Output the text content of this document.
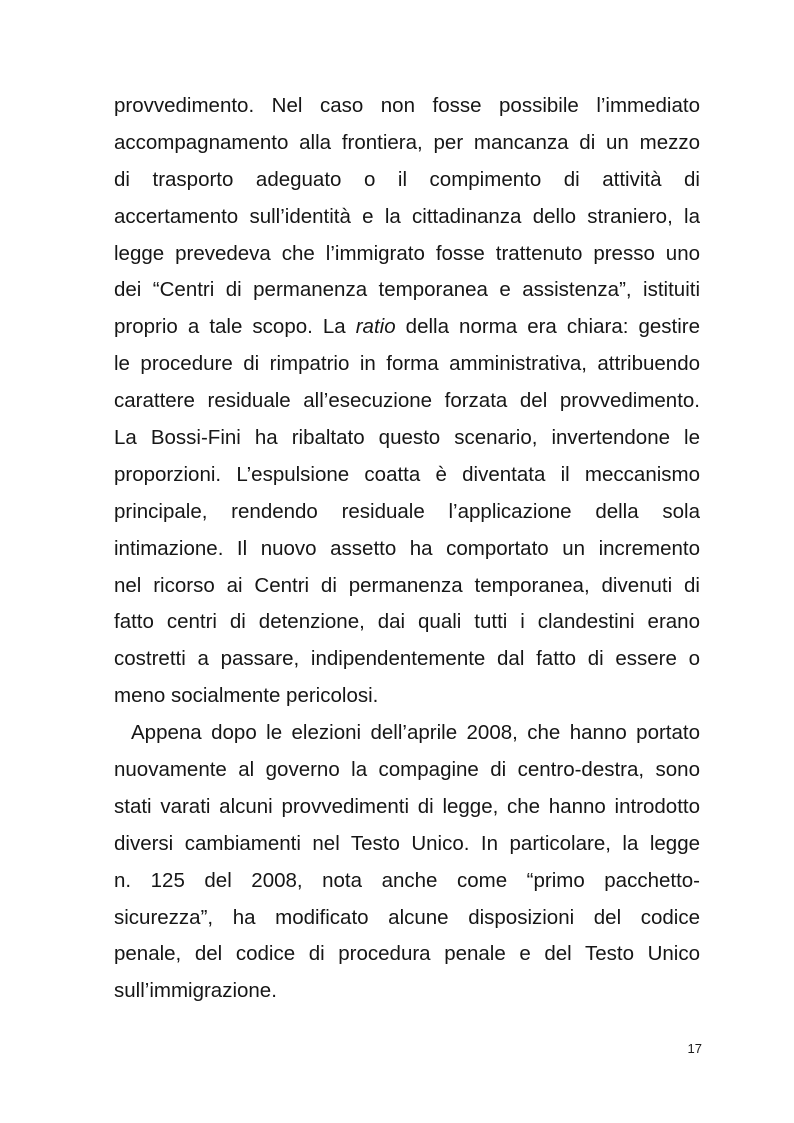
provvedimento. Nel caso non fosse possibile l’immediato
accompagnamento alla frontiera, per mancanza di un mezzo
di trasporto adeguato o il compimento di attività di
accertamento sull’identità e la cittadinanza dello straniero, la
legge prevedeva che l’immigrato fosse trattenuto presso uno
dei “Centri di permanenza temporanea e assistenza”, istituiti
proprio a tale scopo. La ratio della norma era chiara: gestire
le procedure di rimpatrio in forma amministrativa, attribuendo
carattere residuale all’esecuzione forzata del provvedimento.
La Bossi-Fini ha ribaltato questo scenario, invertendone le
proporzioni. L’espulsione coatta è diventata il meccanismo
principale, rendendo residuale l’applicazione della sola
intimazione. Il nuovo assetto ha comportato un incremento
nel ricorso ai Centri di permanenza temporanea, divenuti di
fatto centri di detenzione, dai quali tutti i clandestini erano
costretti a passare, indipendentemente dal fatto di essere o
meno socialmente pericolosi.
Appena dopo le elezioni dell’aprile 2008, che hanno portato
nuovamente al governo la compagine di centro-destra, sono
stati varati alcuni provvedimenti di legge, che hanno introdotto
diversi cambiamenti nel Testo Unico. In particolare, la legge
n. 125 del 2008, nota anche come “primo pacchetto-
sicurezza”, ha modificato alcune disposizioni del codice
penale, del codice di procedura penale e del Testo Unico
sull’immigrazione.
17
